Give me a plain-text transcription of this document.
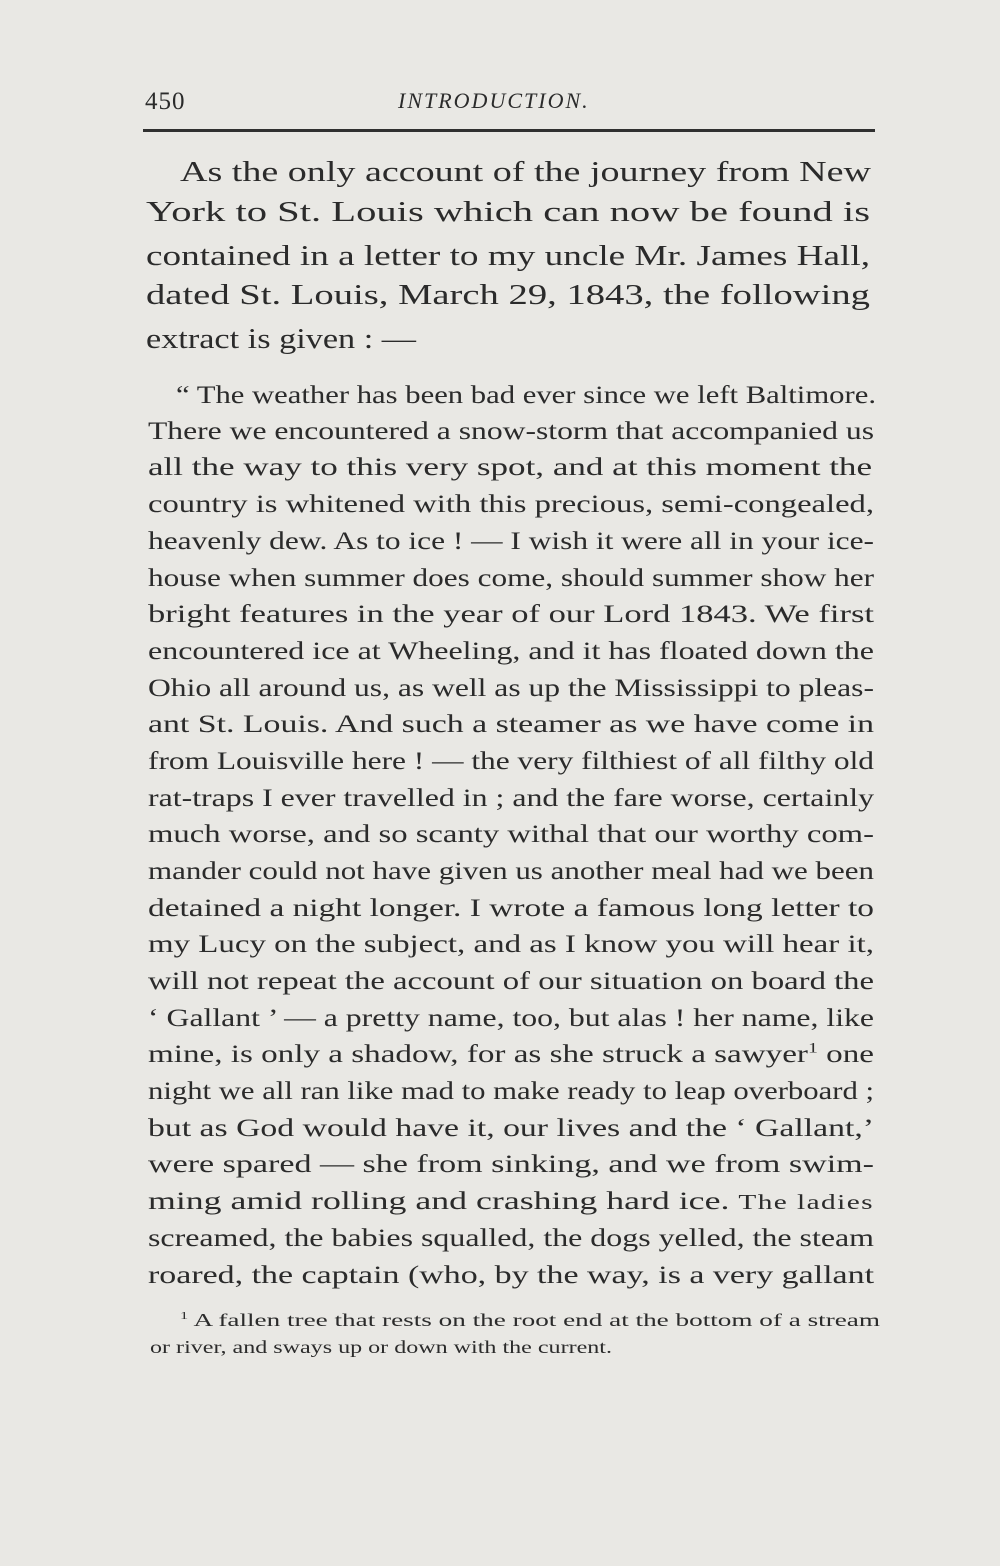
450	INTRODUCTION.
As the only account of the journey from New
York to St. Louis which can now be found is
contained in a letter to my uncle Mr. James Hall,
dated St. Louis, March 29, 1843, the following
extract is given : —
“ The weather has been bad ever since we left Baltimore.
There we encountered a snow-storm that accompanied us
all the way to this very spot, and at this moment the
country is whitened with this precious, semi-congealed,
heavenly dew. As to ice ! — I wish it were all in your ice-
house when summer does come, should summer show her
bright features in the year of our Lord 1843. We first
encountered ice at Wheeling, and it has floated down the
Ohio all around us, as well as up the Mississippi to pleas-
ant St. Louis. And such a steamer as we have come in
from Louisville here ! — the very filthiest of all filthy old
rat-traps I ever travelled in ; and the fare worse, certainly
much worse, and so scanty withal that our worthy com-
mander could not have given us another meal had we been
detained a night longer. I wrote a famous long letter to
my Lucy on the subject, and as I know you will hear it,
will not repeat the account of our situation on board the
‘ Gallant ’ — a pretty name, too, but alas ! her name, like
mine, is only a shadow, for as she struck a sawyer$^1$ one
night we all ran like mad to make ready to leap overboard ;
but as God would have it, our lives and the ‘ Gallant,’
were spared — she from sinking, and we from swim-
ming amid rolling and crashing hard ice. The ladies
screamed, the babies squalled, the dogs yelled, the steam
roared, the captain (who, by the way, is a very gallant
$^1$ A fallen tree that rests on the root end at the bottom of a stream
or river, and sways up or down with the current.
